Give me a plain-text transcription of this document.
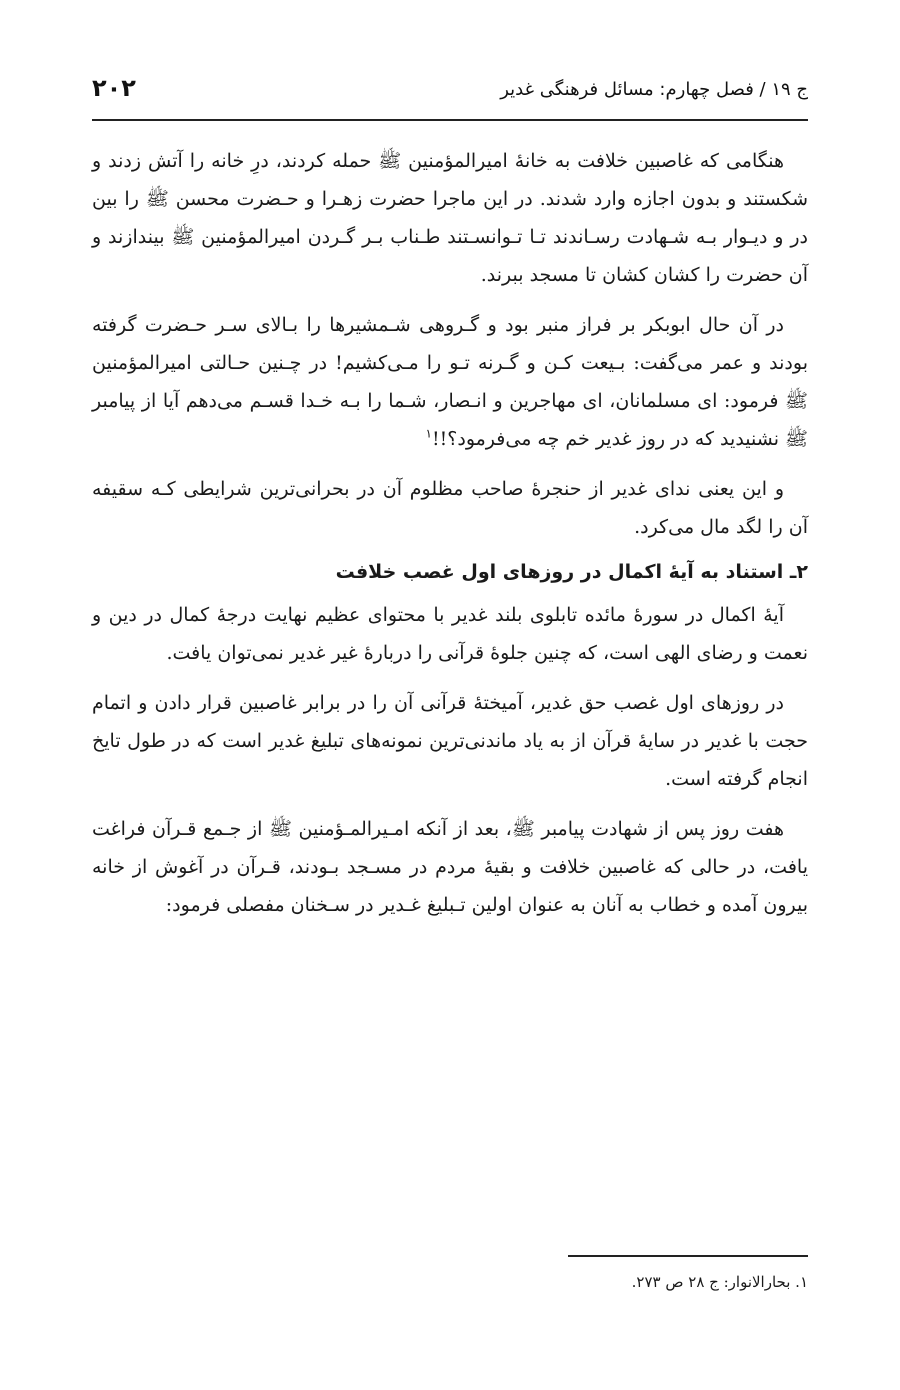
ج ۱۹ / فصل چهارم: مسائل فرهنگی غدیر
۲۰۲

هنگامی که غاصبین خلافت به خانهٔ امیرالمؤمنین ﷺ حمله کردند، درِ خانه را آتش زدند و شکستند و بدون اجازه وارد شدند. در این ماجرا حضرت زهـرا و حـضرت محسن ﷺ را بین در و دیـوار بـه شـهادت رسـاندند تـا تـوانسـتند طـناب بـر گـردن امیرالمؤمنین ﷺ بیندازند و آن حضرت را کشان کشان تا مسجد ببرند.

در آن حال ابوبکر بر فراز منبر بود و گـروهی شـمشیرها را بـالای سـر حـضرت گرفته بودند و عمر می‌گفت: بـیعت کـن و گـرنه تـو را مـی‌کشیم! در چـنین حـالتی امیرالمؤمنین ﷺ فرمود: ای مسلمانان، ای مهاجرین و انـصار، شـما را بـه خـدا قسـم می‌دهم آیا از پیامبر ﷺ نشنیدید که در روز غدیر خم چه می‌فرمود؟!!$^۱$

و این یعنی ندای غدیر از حنجرهٔ صاحب مظلوم آن در بحرانی‌ترین شرایطی کـه سقیفه آن را لگد مال می‌کرد.

۲ـ استناد به آیهٔ اکمال در روزهای اول غصب خلافت

آیهٔ اکمال در سورهٔ مائده تابلوی بلند غدیر با محتوای عظیم نهایت درجهٔ کمال در دین و نعمت و رضای الهی است، که چنین جلوهٔ قرآنی را دربارهٔ غیر غدیر نمی‌توان یافت.

در روزهای اول غصب حق غدیر، آمیختهٔ قرآنی آن را در برابر غاصبین قرار دادن و اتمام حجت با غدیر در سایهٔ قرآن از به یاد ماندنی‌ترین نمونه‌های تبلیغ غدیر است که در طول تایخ انجام گرفته است.

هفت روز پس از شهادت پیامبر ﷺ، بعد از آنکه امـیرالمـؤمنین ﷺ از جـمع قـرآن فراغت یافت، در حالی که غاصبین خلافت و بقیهٔ مردم در مسـجد بـودند، قـرآن در آغوش از خانه بیرون آمده و خطاب به آنان به عنوان اولین تـبلیغ غـدیر در سـخنان مفصلی فرمود:

۱. بحارالانوار: ج ۲۸ ص ۲۷۳.
